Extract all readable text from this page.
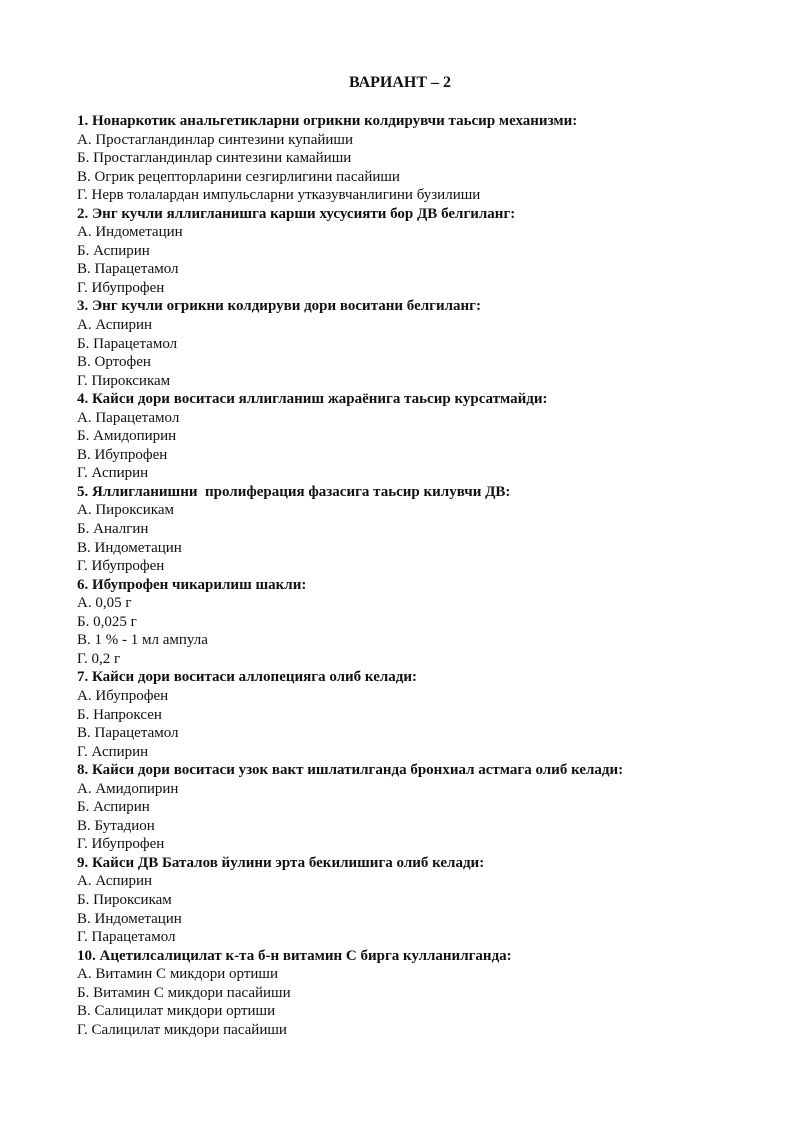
ВАРИАНТ – 2
1. Нонаркотик анальгетикларни огрикни колдирувчи таьсир механизми:
А. Простагландинлар синтезини купайиши
Б. Простагландинлар синтезини камайиши
В. Огрик рецепторларини сезгирлигини пасайиши
Г. Нерв толалардан импульсларни утказувчанлигини бузилиши
2. Энг кучли яллигланишга карши хусусияти бор ДВ белгиланг:
А. Индометацин
Б. Аспирин
В. Парацетамол
Г. Ибупрофен
3. Энг кучли огрикни колдируви дори воситани белгиланг:
А. Аспирин
Б. Парацетамол
В. Ортофен
Г. Пироксикам
4. Кайси дори воситаси яллигланиш жараёнига таьсир курсатмайди:
А. Парацетамол
Б. Амидопирин
В. Ибупрофен
Г. Аспирин
5. Яллигланишни  пролиферация фазасига таьсир килувчи ДВ:
А. Пироксикам
Б. Аналгин
В. Индометацин
Г. Ибупрофен
6. Ибупрофен чикарилиш шакли:
А. 0,05 г
Б. 0,025 г
В. 1 % - 1 мл ампула
Г. 0,2 г
7. Кайси дори воситаси аллопецияга олиб келади:
А. Ибупрофен
Б. Напроксен
В. Парацетамол
Г. Аспирин
8. Кайси дори воситаси узок вакт ишлатилганда бронхиал астмага олиб келади:
А. Амидопирин
Б. Аспирин
В. Бутадион
Г. Ибупрофен
9. Кайси ДВ Баталов йулини эрта бекилишига олиб келади:
А. Аспирин
Б. Пироксикам
В. Индометацин
Г. Парацетамол
10. Ацетилсалицилат к-та б-н витамин С бирга кулланилганда:
А. Витамин С микдори ортиши
Б. Витамин С микдори пасайиши
В. Салицилат микдори ортиши
Г. Салицилат микдори пасайиши
